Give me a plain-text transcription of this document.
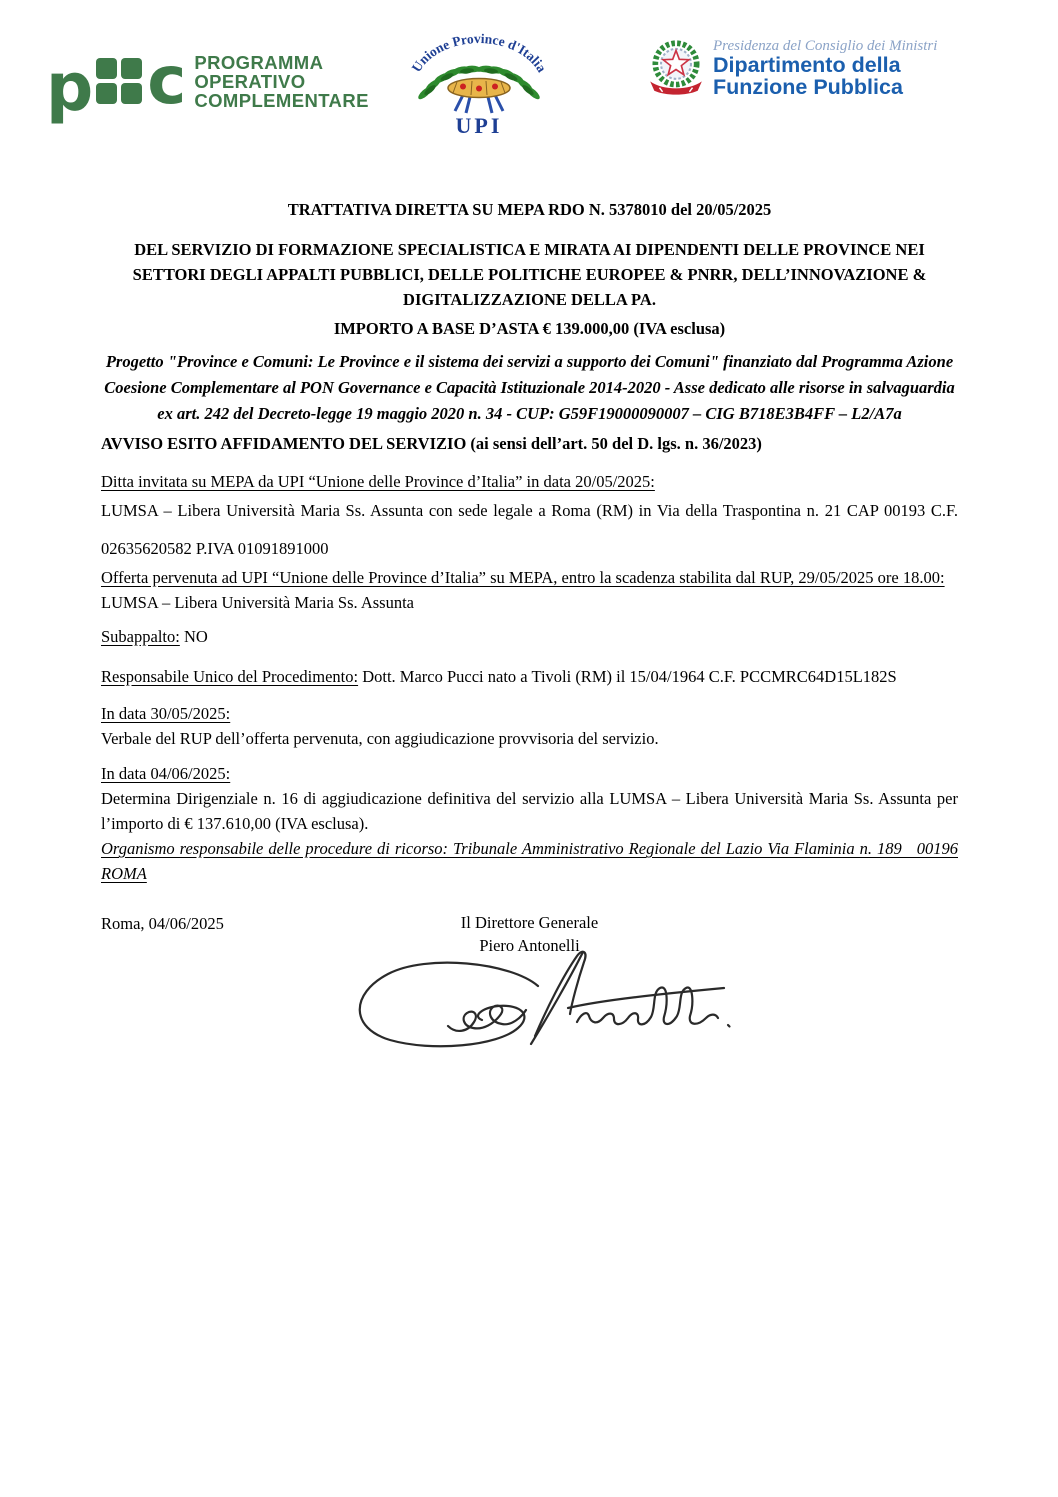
p c PROGRAMMA
OPERATIVO
COMPLEMENTARE
Unione Province d'Italia
UPI
Presidenza del Consiglio dei Ministri
Dipartimento della
Funzione Pubblica

TRATTATIVA DIRETTA SU MEPA RDO N. 5378010 del 20/05/2025

DEL SERVIZIO DI FORMAZIONE SPECIALISTICA E MIRATA AI DIPENDENTI DELLE PROVINCE NEI SETTORI DEGLI APPALTI PUBBLICI, DELLE POLITICHE EUROPEE & PNRR, DELL’INNOVAZIONE & DIGITALIZZAZIONE DELLA PA.

IMPORTO A BASE D’ASTA € 139.000,00 (IVA esclusa)

Progetto "Province e Comuni: Le Province e il sistema dei servizi a supporto dei Comuni" finanziato dal Programma Azione Coesione Complementare al PON Governance e Capacità Istituzionale 2014-2020 - Asse dedicato alle risorse in salvaguardia ex art. 242 del Decreto-legge 19 maggio 2020 n. 34 - CUP: G59F19000090007 – CIG B718E3B4FF – L2/A7a

AVVISO ESITO AFFIDAMENTO DEL SERVIZIO (ai sensi dell’art. 50 del D. lgs. n. 36/2023)

Ditta invitata su MEPA da UPI “Unione delle Province d’Italia” in data 20/05/2025:

LUMSA – Libera Università Maria Ss. Assunta con sede legale a Roma (RM) in Via della Traspontina n. 21 CAP 00193 C.F. 02635620582 P.IVA 01091891000

Offerta pervenuta ad UPI “Unione delle Province d’Italia” su MEPA, entro la scadenza stabilita dal RUP, 29/05/2025 ore 18.00:

LUMSA – Libera Università Maria Ss. Assunta

Subappalto: NO

Responsabile Unico del Procedimento: Dott. Marco Pucci nato a Tivoli (RM) il 15/04/1964 C.F. PCCMRC64D15L182S

In data 30/05/2025:

Verbale del RUP dell’offerta pervenuta, con aggiudicazione provvisoria del servizio.

In data 04/06/2025:

Determina Dirigenziale n. 16 di aggiudicazione definitiva del servizio alla LUMSA – Libera Università Maria Ss. Assunta per l’importo di € 137.610,00 (IVA esclusa).

Organismo responsabile delle procedure di ricorso: Tribunale Amministrativo Regionale del Lazio Via Flaminia n. 189   00196 ROMA

Roma, 04/06/2025	Il Direttore Generale
Piero Antonelli
